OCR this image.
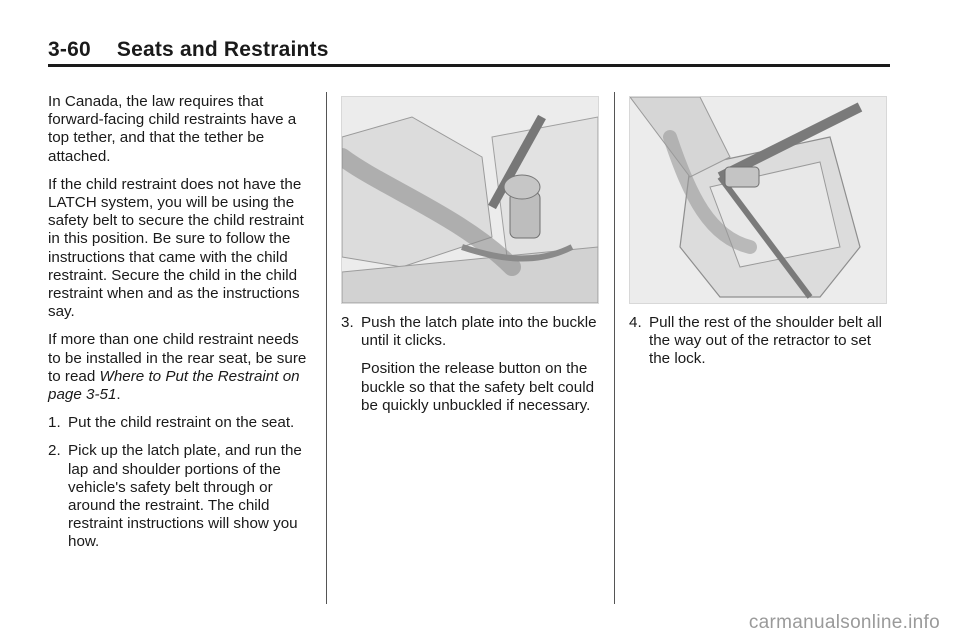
3-60 Seats and Restraints

In Canada, the law requires that forward-facing child restraints have a top tether, and that the tether be attached.

If the child restraint does not have the LATCH system, you will be using the safety belt to secure the child restraint in this position. Be sure to follow the instructions that came with the child restraint. Secure the child in the child restraint when and as the instructions say.

If more than one child restraint needs to be installed in the rear seat, be sure to read Where to Put the Restraint on page 3-51.

1. Put the child restraint on the seat.
2. Pick up the latch plate, and run the lap and shoulder portions of the vehicle's safety belt through or around the restraint. The child restraint instructions will show you how.
3. Push the latch plate into the buckle until it clicks.

Position the release button on the buckle so that the safety belt could be quickly unbuckled if necessary.

4. Pull the rest of the shoulder belt all the way out of the retractor to set the lock.
carmanualsonline.info
